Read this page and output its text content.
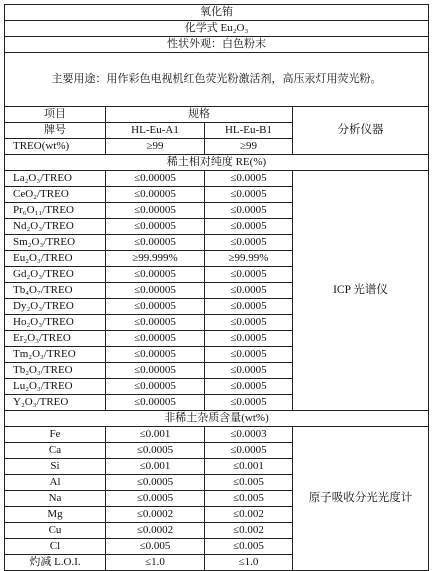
氧化铕			
化学式 Eu₂O₃			
性状外观：白色粉末			
主要用途：用作彩色电视机红色荧光粉激活剂，高压汞灯用荧光粉。			
项目	规格		分析仪器
牌号	HL-Eu-A1	HL-Eu-B1	
TREO(wt%)	≥99	≥99	
稀土相对纯度 RE(%)			
La₂O₃/TREO	≤0.00005	≤0.0005	ICP 光谱仪
CeO₂/TREO	≤0.00005	≤0.0005	
Pr₆O₁₁/TREO	≤0.00005	≤0.0005	
Nd₂O₃/TREO	≤0.00005	≤0.0005	
Sm₂O₃/TREO	≤0.00005	≤0.0005	
Eu₂O₃/TREO	≥99.999%	≥99.99%	
Gd₂O₃/TREO	≤0.00005	≤0.0005	
Tb₄O₇/TREO	≤0.00005	≤0.0005	
Dy₂O₃/TREO	≤0.00005	≤0.0005	
Ho₂O₃/TREO	≤0.00005	≤0.0005	
Er₂O₃/TREO	≤0.00005	≤0.0005	
Tm₂O₃/TREO	≤0.00005	≤0.0005	
Tb₂O₃/TREO	≤0.00005	≤0.0005	
Lu₂O₃/TREO	≤0.00005	≤0.0005	
Y₂O₃/TREO	≤0.00005	≤0.0005	
非稀土杂质含量(wt%)			
Fe	≤0.001	≤0.0003	原子吸收分光光度计
Ca	≤0.0005	≤0.0005	
Si	≤0.001	≤0.001	
Al	≤0.0005	≤0.005	
Na	≤0.0005	≤0.005	
Mg	≤0.0002	≤0.002	
Cu	≤0.0002	≤0.002	
Cl	≤0.005	≤0.005	
灼减 L.O.I.	≤1.0	≤1.0	
